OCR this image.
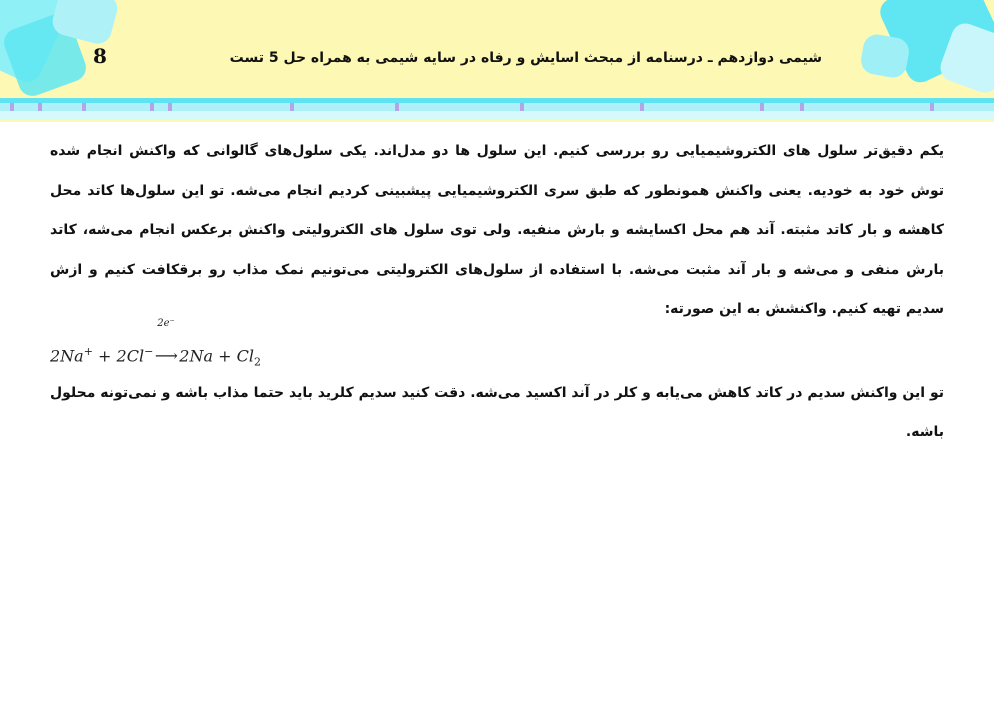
8	شیمی دوازدهم ـ درسنامه از مبحث اسایش و رفاه در سایه شیمی به همراه حل 5 تست

یکم دقیق‌تر سلول های الکتروشیمیایی رو بررسی کنیم. این سلول ها دو مدل‌اند. یکی سلول‌های گالوانی که واکنش انجام شده توش خود به خودیه. یعنی واکنش همونطور که طبق سری الکتروشیمیایی پیشبینی کردیم انجام می‌شه. تو این سلول‌ها کاتد محل کاهشه و بار کاتد مثبته. آند هم محل اکسایشه و بارش منفیه. ولی توی سلول های الکترولیتی واکنش برعکس انجام می‌شه، کاتد بارش منفی و می‌شه و بار آند مثبت می‌شه. با استفاده از سلول‌های الکترولیتی می‌تونیم نمک مذاب رو برقکافت کنیم و ازش سدیم تهیه کنیم. واکنشش به این صورته:

2Na+ + 2Cl−
2e⁻
⟶2Na + $Cl_2$

تو این واکنش سدیم در کاتد کاهش می‌یابه و کلر در آند اکسید می‌شه. دقت کنید سدیم کلرید باید حتما مذاب باشه و نمی‌تونه محلول باشه.
